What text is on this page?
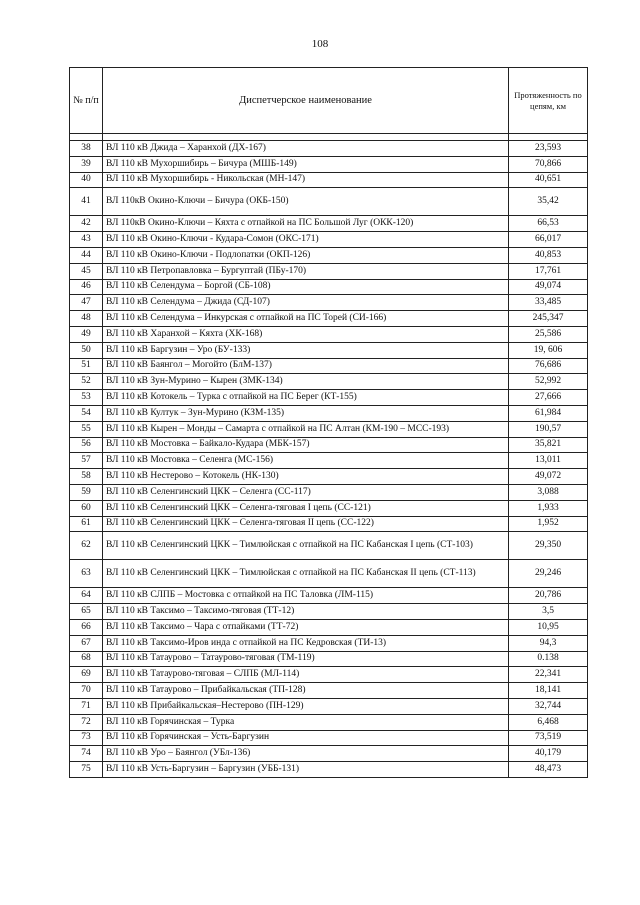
108
№ п/п	Диспетчерское наименование	Протяженность по цепям, км

38	ВЛ 110 кВ Джида – Харанхой (ДХ-167)	23,593
39	ВЛ 110 кВ Мухоршибирь – Бичура (МШБ-149)	70,866
40	ВЛ 110 кВ Мухоршибирь - Никольская (МН-147)	40,651
41	ВЛ 110кВ Окино-Ключи – Бичура (ОКБ-150)	35,42
42	ВЛ 110кВ Окино-Ключи – Кяхта с отпайкой на ПС Большой Луг (ОКК-120)	66,53
43	ВЛ 110 кВ Окино-Ключи - Кудара-Сомон (ОКС-171)	66,017
44	ВЛ 110 кВ Окино-Ключи - Подлопатки (ОКП-126)	40,853
45	ВЛ 110 кВ Петропавловка – Бургуптай (ПБу-170)	17,761
46	ВЛ 110 кВ Селендума – Боргой (СБ-108)	49,074
47	ВЛ 110 кВ Селендума – Джида (СД-107)	33,485
48	ВЛ 110 кВ Селендума – Инкурская с отпайкой на ПС Торей (СИ-166)	245,347
49	ВЛ 110 кВ Харанхой – Кяхта (ХК-168)	25,586
50	ВЛ 110 кВ Баргузин – Уро (БУ-133)	19, 606
51	ВЛ 110 кВ Баянгол – Могойто (БлМ-137)	76,686
52	ВЛ 110 кВ Зун-Мурино – Кырен (ЗМК-134)	52,992
53	ВЛ 110 кВ Котокель – Турка с отпайкой на ПС Берег (КТ-155)	27,666
54	ВЛ 110 кВ Култук – Зун-Мурино (КЗМ-135)	61,984
55	ВЛ 110 кВ Кырен – Монды – Самарта с отпайкой на ПС Алтан (КМ-190 – МСС-193)	190,57
56	ВЛ 110 кВ Мостовка – Байкало-Кудара (МБК-157)	35,821
57	ВЛ 110 кВ Мостовка – Селенга (МС-156)	13,011
58	ВЛ 110 кВ Нестерово – Котокель (НК-130)	49,072
59	ВЛ 110 кВ Селенгинский ЦКК – Селенга (СС-117)	3,088
60	ВЛ 110 кВ Селенгинский ЦКК – Селенга-тяговая I цепь (СС-121)	1,933
61	ВЛ 110 кВ Селенгинский ЦКК – Селенга-тяговая II цепь (СС-122)	1,952
62	ВЛ 110 кВ Селенгинский ЦКК – Тимлюйская с отпайкой на ПС Кабанская I цепь (СТ-103)	29,350
63	ВЛ 110 кВ Селенгинский ЦКК – Тимлюйская с отпайкой на ПС Кабанская II цепь (СТ-113)	29,246
64	ВЛ 110 кВ СЛПБ – Мостовка с отпайкой на ПС Таловка (ЛМ-115)	20,786
65	ВЛ 110 кВ Таксимо – Таксимо-тяговая (ТТ-12)	3,5
66	ВЛ 110 кВ Таксимо – Чара с отпайками (ТТ-72)	10,95
67	ВЛ 110 кВ Таксимо-Иров инда с отпайкой на ПС Кедровская (ТИ-13)	94,3
68	ВЛ 110 кВ Татаурово – Татаурово-тяговая (ТМ-119)	0.138
69	ВЛ 110 кВ Татаурово-тяговая – СЛПБ (МЛ-114)	22,341
70	ВЛ 110 кВ Татаурово – Прибайкальская (ТП-128)	18,141
71	ВЛ 110 кВ Прибайкальская–Нестерово (ПН-129)	32,744
72	ВЛ 110 кВ Горячинская – Турка	6,468
73	ВЛ 110 кВ Горячинская – Усть-Баргузин	73,519
74	ВЛ 110 кВ Уро – Баянгол (УБл-136)	40,179
75	ВЛ 110 кВ Усть-Баргузин – Баргузин (УББ-131)	48,473
